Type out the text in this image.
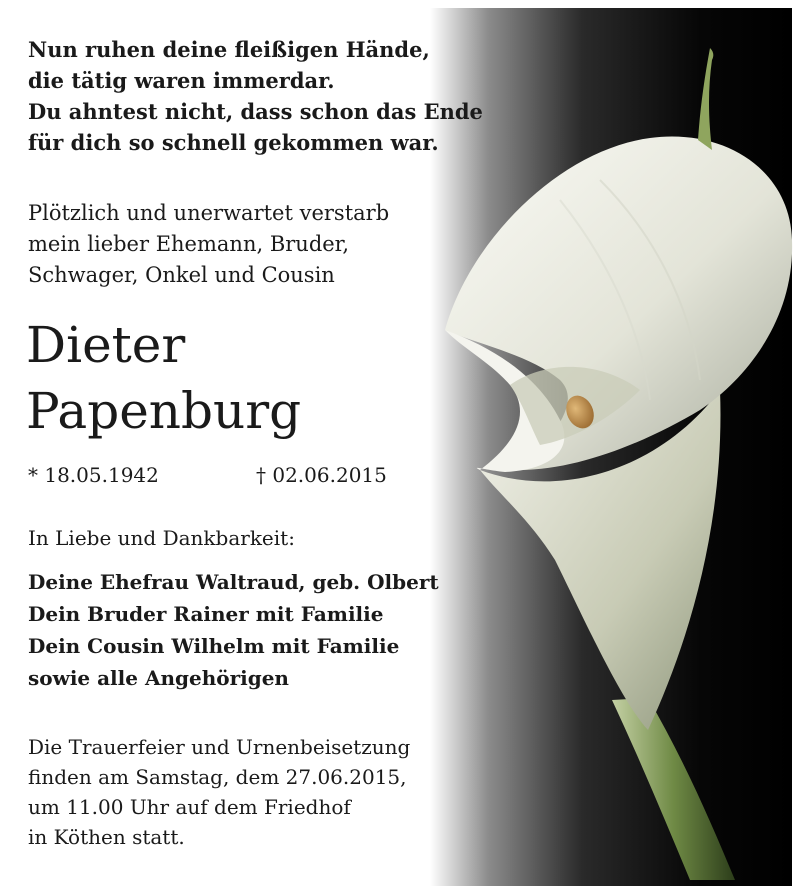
Nun ruhen deine fleißigen Hände,
die tätig waren immerdar.
Du ahntest nicht, dass schon das Ende
für dich so schnell gekommen war.
Plötzlich und unerwartet verstarb
mein lieber Ehemann, Bruder,
Schwager, Onkel und Cousin
Dieter
Papenburg
* 18.05.1942	† 02.06.2015
In Liebe und Dankbarkeit:
Deine Ehefrau Waltraud, geb. Olbert
Dein Bruder Rainer mit Familie
Dein Cousin Wilhelm mit Familie
sowie alle Angehörigen
Die Trauerfeier und Urnenbeisetzung
finden am Samstag, dem 27.06.2015,
um 11.00 Uhr auf dem Friedhof
in Köthen statt.
